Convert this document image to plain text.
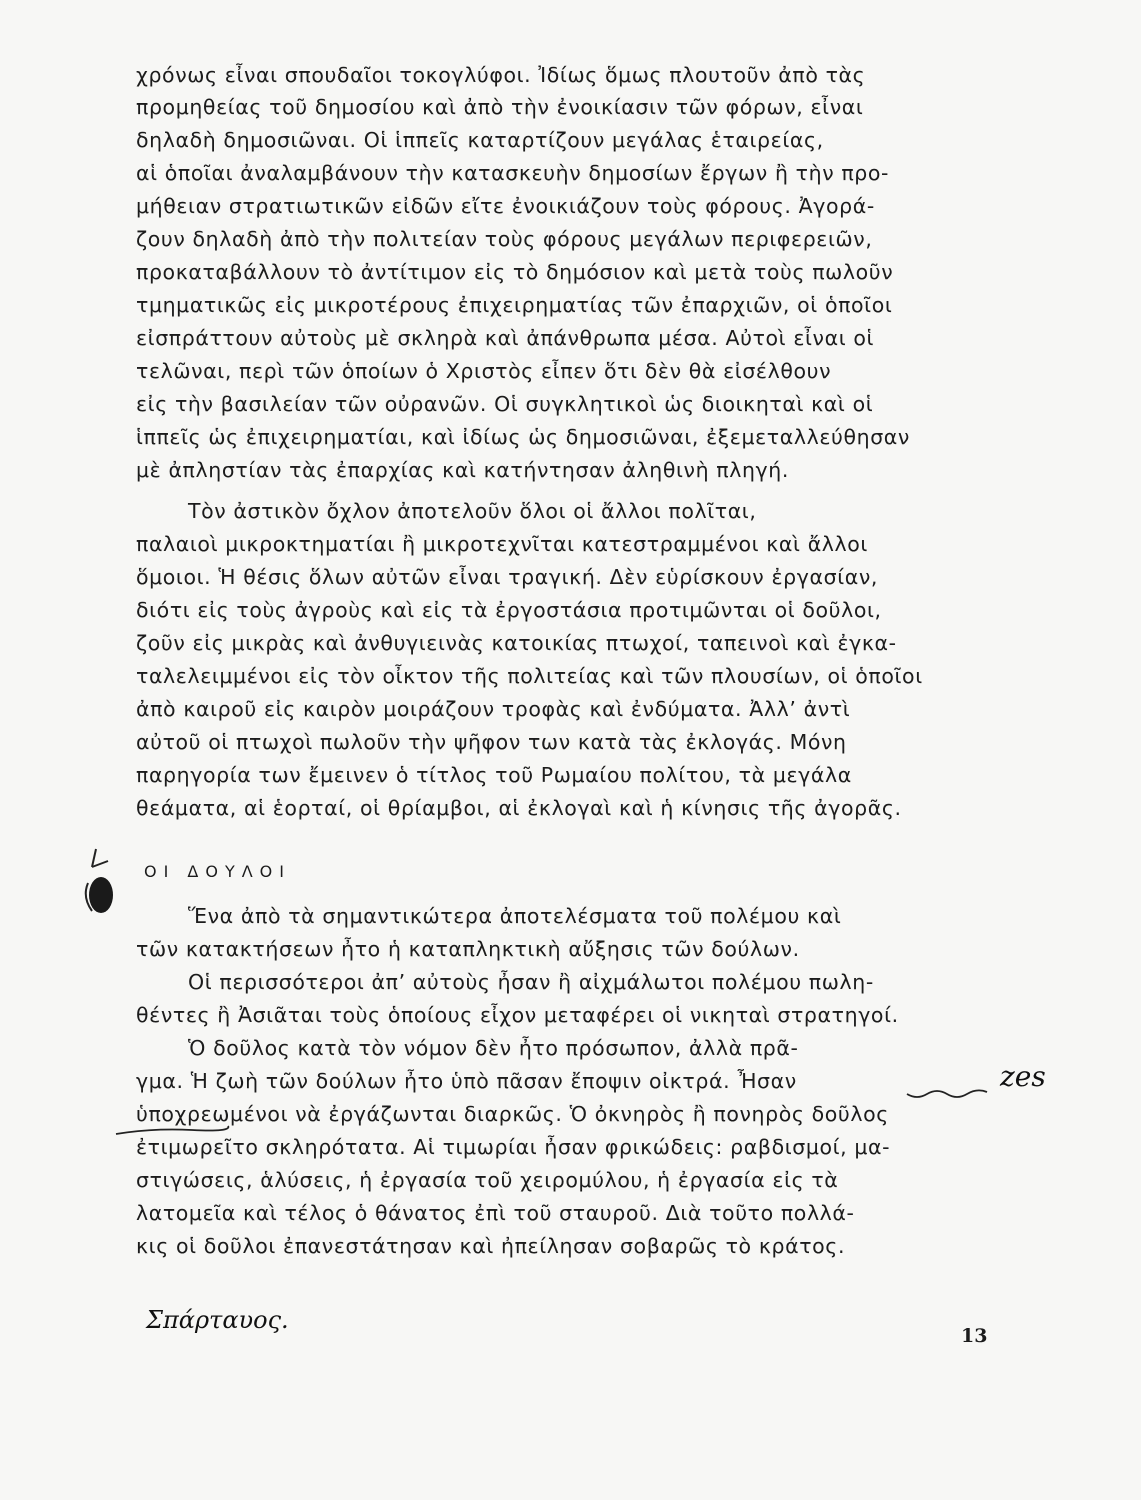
χρόνως εἶναι σπουδαῖοι τοκογλύφοι. Ἰδίως ὅμως πλουτοῦν ἀπὸ τὰς
προμηθείας τοῦ δημοσίου καὶ ἀπὸ τὴν ἐνοικίασιν τῶν φόρων, εἶναι
δηλαδὴ δημοσιῶναι. Οἱ ἱππεῖς καταρτίζουν μεγάλας ἑταιρείας,
αἱ ὁποῖαι ἀναλαμβάνουν τὴν κατασκευὴν δημοσίων ἔργων ἢ τὴν προ-
μήθειαν στρατιωτικῶν εἰδῶν εἴτε ἐνοικιάζουν τοὺς φόρους. Ἀγορά-
ζουν δηλαδὴ ἀπὸ τὴν πολιτείαν τοὺς φόρους μεγάλων περιφερειῶν,
προκαταβάλλουν τὸ ἀντίτιμον εἰς τὸ δημόσιον καὶ μετὰ τοὺς πωλοῦν
τμηματικῶς εἰς μικροτέρους ἐπιχειρηματίας τῶν ἐπαρχιῶν, οἱ ὁποῖοι
εἰσπράττουν αὐτοὺς μὲ σκληρὰ καὶ ἀπάνθρωπα μέσα. Αὐτοὶ εἶναι οἱ
τελῶναι, περὶ τῶν ὁποίων ὁ Χριστὸς εἶπεν ὅτι δὲν θὰ εἰσέλθουν
εἰς τὴν βασιλείαν τῶν οὐρανῶν. Οἱ συγκλητικοὶ ὡς διοικηταὶ καὶ οἱ
ἱππεῖς ὡς ἐπιχειρηματίαι, καὶ ἰδίως ὡς δημοσιῶναι, ἐξεμεταλλεύθησαν
μὲ ἀπληστίαν τὰς ἐπαρχίας καὶ κατήντησαν ἀληθινὴ πληγή.
Τὸν ἀστικὸν ὄχλον ἀποτελοῦν ὅλοι οἱ ἄλλοι πολῖται,
παλαιοὶ μικροκτηματίαι ἢ μικροτεχνῖται κατεστραμμένοι καὶ ἄλλοι
ὅμοιοι. Ἡ θέσις ὅλων αὐτῶν εἶναι τραγική. Δὲν εὑρίσκουν ἐργασίαν,
διότι εἰς τοὺς ἀγροὺς καὶ εἰς τὰ ἐργοστάσια προτιμῶνται οἱ δοῦλοι,
ζοῦν εἰς μικρὰς καὶ ἀνθυγιεινὰς κατοικίας πτωχοί, ταπεινοὶ καὶ ἐγκα-
ταλελειμμένοι εἰς τὸν οἶκτον τῆς πολιτείας καὶ τῶν πλουσίων, οἱ ὁποῖοι
ἀπὸ καιροῦ εἰς καιρὸν μοιράζουν τροφὰς καὶ ἐνδύματα. Ἀλλ’ ἀντὶ
αὐτοῦ οἱ πτωχοὶ πωλοῦν τὴν ψῆφον των κατὰ τὰς ἐκλογάς. Μόνη
παρηγορία των ἔμεινεν ὁ τίτλος τοῦ Ρωμαίου πολίτου, τὰ μεγάλα
θεάματα, αἱ ἑορταί, οἱ θρίαμβοι, αἱ ἐκλογαὶ καὶ ἡ κίνησις τῆς ἀγορᾶς.
ΟΙ ΔΟΥΛΟΙ
Ἕνα ἀπὸ τὰ σημαντικώτερα ἀποτελέσματα τοῦ πολέμου καὶ
τῶν κατακτήσεων ἦτο ἡ καταπληκτικὴ αὔξησις τῶν δούλων.
Οἱ περισσότεροι ἀπ’ αὐτοὺς ἦσαν ἢ αἰχμάλωτοι πολέμου πωλη-
θέντες ἢ Ἀσιᾶται τοὺς ὁποίους εἶχον μεταφέρει οἱ νικηταὶ στρατηγοί.
Ὁ δοῦλος κατὰ τὸν νόμον δὲν ἦτο πρόσωπον, ἀλλὰ πρᾶ-
γμα. Ἡ ζωὴ τῶν δούλων ἦτο ὑπὸ πᾶσαν ἔποψιν οἰκτρά. Ἦσαν
ὑποχρεωμένοι νὰ ἐργάζωνται διαρκῶς. Ὁ ὀκνηρὸς ἢ πονηρὸς δοῦλος
ἐτιμωρεῖτο σκληρότατα. Αἱ τιμωρίαι ἦσαν φρικώδεις: ραβδισμοί, μα-
στιγώσεις, ἁλύσεις, ἡ ἐργασία τοῦ χειρομύλου, ἡ ἐργασία εἰς τὰ
λατομεῖα καὶ τέλος ὁ θάνατος ἐπὶ τοῦ σταυροῦ. Διὰ τοῦτο πολλά-
κις οἱ δοῦλοι ἐπανεστάτησαν καὶ ἠπείλησαν σοβαρῶς τὸ κράτος.
zes
Σπάρταυος.
13
